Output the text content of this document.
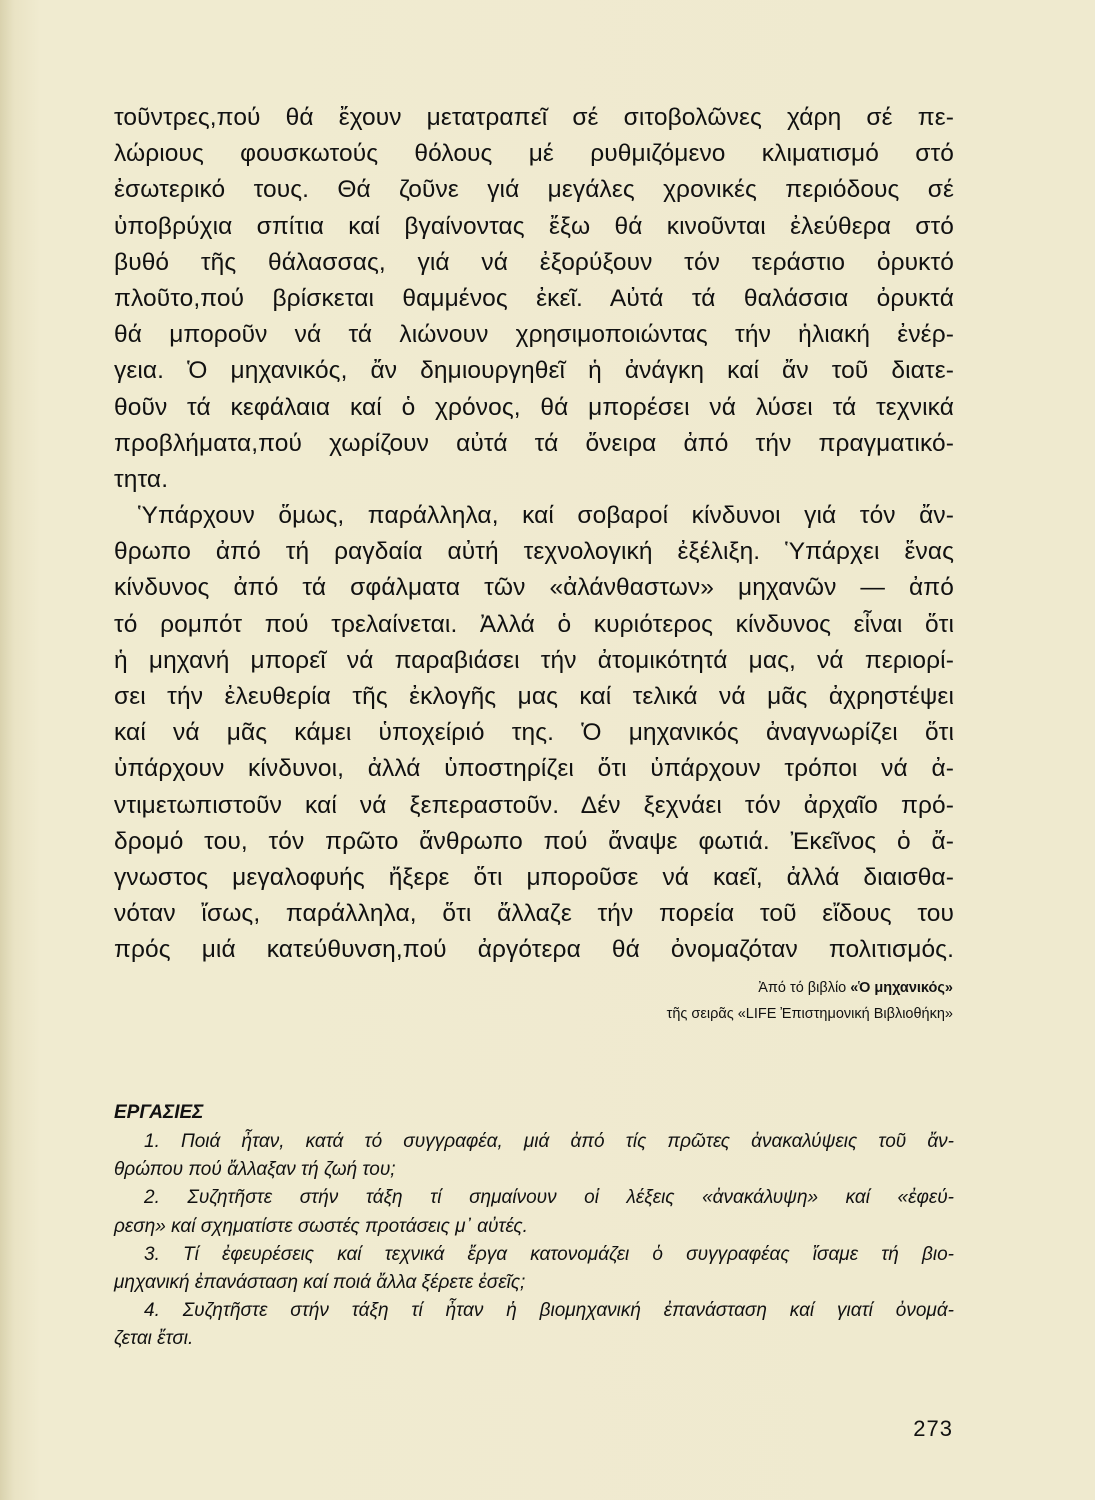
τοῦντρες,πού θά ἔχουν μετατραπεῖ σέ σιτοβολῶνες χάρη σέ πε-
λώριους φουσκωτούς θόλους μέ ρυθμιζόμενο κλιματισμό στό
ἐσωτερικό τους. Θά ζοῦνε γιά μεγάλες χρονικές περιόδους σέ
ὑποβρύχια σπίτια καί βγαίνοντας ἔξω θά κινοῦνται ἐλεύθερα στό
βυθό τῆς θάλασσας, γιά νά ἐξορύξουν τόν τεράστιο ὀρυκτό
πλοῦτο,πού βρίσκεται θαμμένος ἐκεῖ. Αὐτά τά θαλάσσια ὀρυκτά
θά μποροῦν νά τά λιώνουν χρησιμοποιώντας τήν ἡλιακή ἐνέρ-
γεια. Ὁ μηχανικός, ἄν δημιουργηθεῖ ἡ ἀνάγκη καί ἄν τοῦ διατε-
θοῦν τά κεφάλαια καί ὁ χρόνος, θά μπορέσει νά λύσει τά τεχνικά
προβλήματα,πού χωρίζουν αὐτά τά ὄνειρα ἀπό τήν πραγματικό-
τητα.
Ὑπάρχουν ὅμως, παράλληλα, καί σοβαροί κίνδυνοι γιά τόν ἄν-
θρωπο ἀπό τή ραγδαία αὐτή τεχνολογική ἐξέλιξη. Ὑπάρχει ἕνας
κίνδυνος ἀπό τά σφάλματα τῶν «ἀλάνθαστων» μηχανῶν — ἀπό
τό ρομπότ πού τρελαίνεται. Ἀλλά ὁ κυριότερος κίνδυνος εἶναι ὅτι
ἡ μηχανή μπορεῖ νά παραβιάσει τήν ἀτομικότητά μας, νά περιορί-
σει τήν ἐλευθερία τῆς ἐκλογῆς μας καί τελικά νά μᾶς ἀχρηστέψει
καί νά μᾶς κάμει ὑποχείριό της. Ὁ μηχανικός ἀναγνωρίζει ὅτι
ὑπάρχουν κίνδυνοι, ἀλλά ὑποστηρίζει ὅτι ὑπάρχουν τρόποι νά ἀ-
ντιμετωπιστοῦν καί νά ξεπεραστοῦν. Δέν ξεχνάει τόν ἀρχαῖο πρό-
δρομό του, τόν πρῶτο ἄνθρωπο πού ἄναψε φωτιά. Ἐκεῖνος ὁ ἄ-
γνωστος μεγαλοφυής ἤξερε ὅτι μποροῦσε νά καεῖ, ἀλλά διαισθα-
νόταν ἴσως, παράλληλα, ὅτι ἄλλαζε τήν πορεία τοῦ εἴδους του
πρός μιά κατεύθυνση,πού ἀργότερα θά ὀνομαζόταν πολιτισμός.
Ἀπό τό βιβλίο «Ὁ μηχανικός»
τῆς σειρᾶς «LIFE Ἐπιστημονική Βιβλιοθήκη»
ΕΡΓΑΣΙΕΣ
1. Ποιά ἦταν, κατά τό συγγραφέα, μιά ἀπό τίς πρῶτες ἀνακαλύψεις τοῦ ἄν-
θρώπου πού ἄλλαξαν τή ζωή του;
2. Συζητῆστε στήν τάξη τί σημαίνουν οἱ λέξεις «ἀνακάλυψη» καί «ἐφεύ-
ρεση» καί σχηματίστε σωστές προτάσεις μ᾽ αὐτές.
3. Τί ἐφευρέσεις καί τεχνικά ἔργα κατονομάζει ὁ συγγραφέας ἴσαμε τή βιο-
μηχανική ἐπανάσταση καί ποιά ἄλλα ξέρετε ἐσεῖς;
4. Συζητῆστε στήν τάξη τί ἦταν ἡ βιομηχανική ἐπανάσταση καί γιατί ὀνομά-
ζεται ἔτσι.
273
